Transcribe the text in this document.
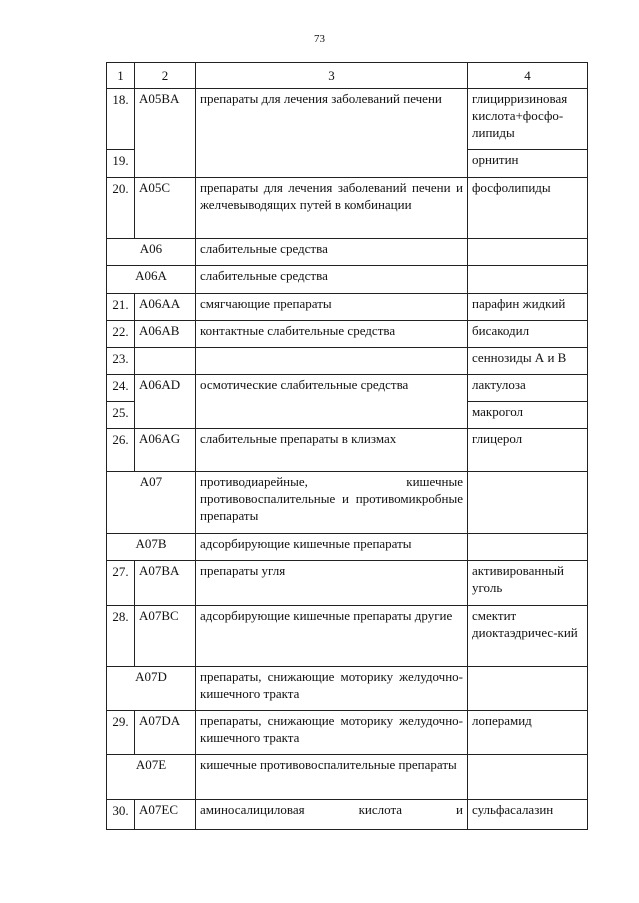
73
1	2	3	4
18.	A05BA	препараты для лечения заболеваний печени	глицирризиновая кислота+фосфо-липиды
19.			орнитин
20.	A05C	препараты для лечения заболеваний печени и желчевыводящих путей в комбинации	фосфолипиды
A06		слабительные средства	
A06A		слабительные средства	
21.	A06AA	смягчающие препараты	парафин жидкий
22.	A06AB	контактные слабительные средства	бисакодил
23.			сеннозиды А и В
24.	A06AD	осмотические слабительные средства	лактулоза
25.			макрогол
26.	A06AG	слабительные препараты в клизмах	глицерол
A07		противодиарейные, кишечные противовоспалительные и противомикробные препараты	
A07B		адсорбирующие кишечные препараты	
27.	A07BA	препараты угля	активированный уголь
28.	A07BC	адсорбирующие кишечные препараты другие	смектит диоктаэдричес-кий
A07D		препараты, снижающие моторику желудочно-кишечного тракта	
29.	A07DA	препараты, снижающие моторику желудочно-кишечного тракта	лоперамид
A07E		кишечные противовоспалительные препараты	
30.	A07EC	аминосалициловая кислота и	сульфасалазин
